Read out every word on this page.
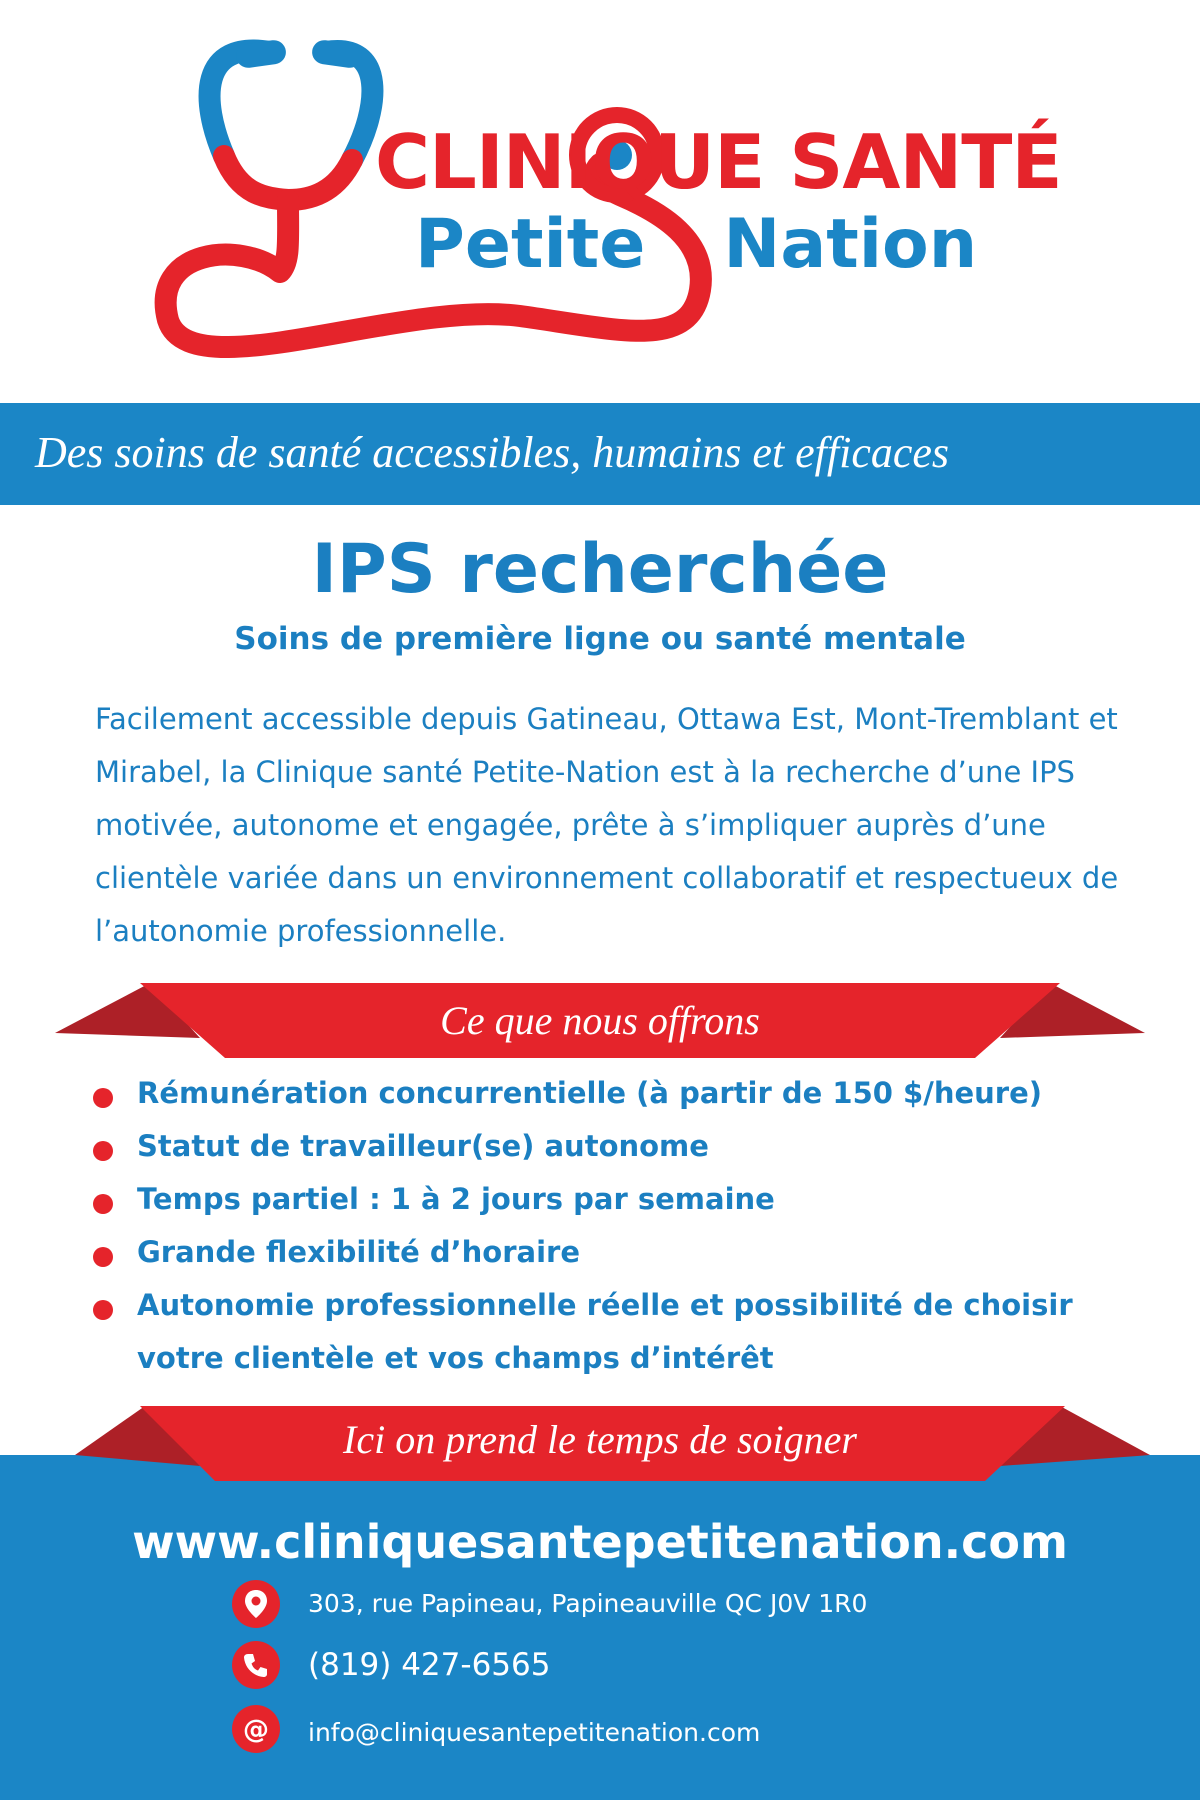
CLINIQUE SANTÉ
Petite Nation
Des soins de santé accessibles, humains et efficaces
IPS recherchée
Soins de première ligne ou santé mentale
Facilement accessible depuis Gatineau, Ottawa Est, Mont-Tremblant et Mirabel, la Clinique santé Petite-Nation est à la recherche d’une IPS motivée, autonome et engagée, prête à s’impliquer auprès d’une clientèle variée dans un environnement collaboratif et respectueux de l’autonomie professionnelle.
Ce que nous offrons
Rémunération concurrentielle (à partir de 150 $/heure)
Statut de travailleur(se) autonome
Temps partiel : 1 à 2 jours par semaine
Grande flexibilité d’horaire
Autonomie professionnelle réelle et possibilité de choisir votre clientèle et vos champs d’intérêt
www.cliniquesantepetitenation.com
303, rue Papineau, Papineauville QC J0V 1R0
(819) 427-6565
@ info@cliniquesantepetitenation.com
Ici on prend le temps de soigner
